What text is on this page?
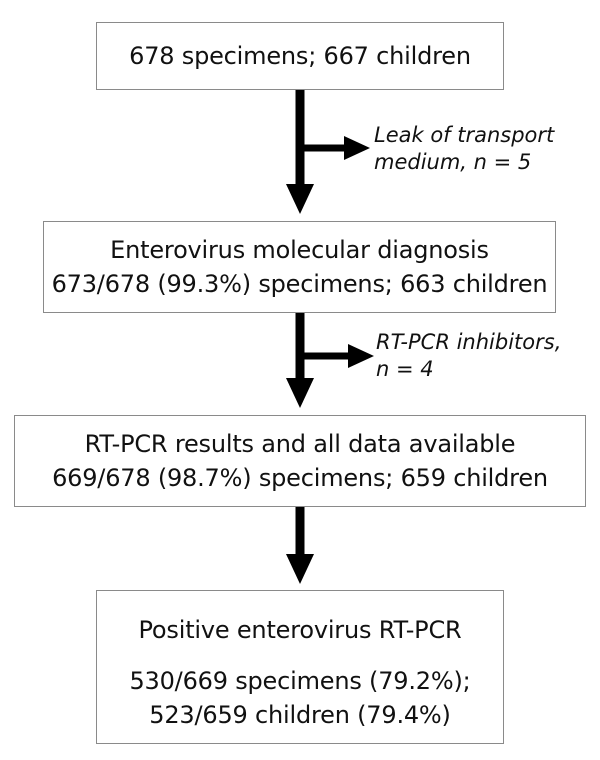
678 specimens; 667 children
Leak of transport
medium, n = 5
Enterovirus molecular diagnosis
673/678 (99.3%) specimens; 663 children
RT-PCR inhibitors,
n = 4
RT-PCR results and all data available
669/678 (98.7%) specimens; 659 children
Positive enterovirus RT-PCR
530/669 specimens (79.2%);
523/659 children (79.4%)
